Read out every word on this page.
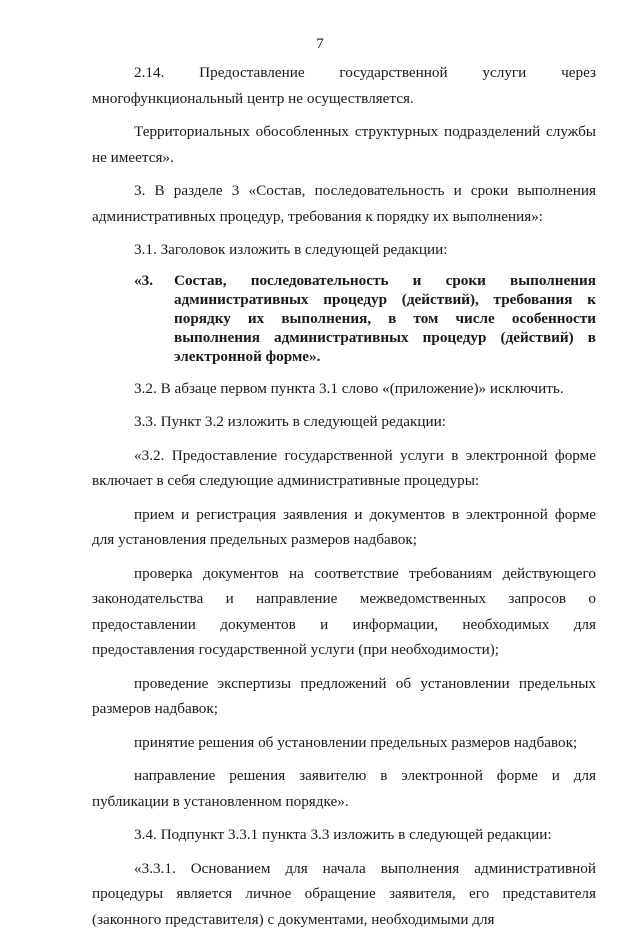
7

2.14. Предоставление государственной услуги через многофункциональный центр не осуществляется.

Территориальных обособленных структурных подразделений службы не имеется».

3. В разделе 3 «Состав, последовательность и сроки выполнения административных процедур, требования к порядку их выполнения»:

3.1. Заголовок изложить в следующей редакции:

«3.	Состав, последовательность и сроки выполнения административных процедур (действий), требования к порядку их выполнения, в том числе особенности выполнения административных процедур (действий) в электронной форме».

3.2. В абзаце первом пункта 3.1 слово «(приложение)» исключить.

3.3. Пункт 3.2 изложить в следующей редакции:

«3.2. Предоставление государственной услуги в электронной форме включает в себя следующие административные процедуры:

прием и регистрация заявления и документов в электронной форме для установления предельных размеров надбавок;

проверка документов на соответствие требованиям действующего законодательства и направление межведомственных запросов о предоставлении документов и информации, необходимых для предоставления государственной услуги (при необходимости);

проведение экспертизы предложений об установлении предельных размеров надбавок;

принятие решения об установлении предельных размеров надбавок;

направление решения заявителю в электронной форме и для публикации в установленном порядке».

3.4. Подпункт 3.3.1 пункта 3.3 изложить в следующей редакции:

«3.3.1. Основанием для начала выполнения административной процедуры является личное обращение заявителя, его представителя (законного представителя) с документами, необходимыми для
